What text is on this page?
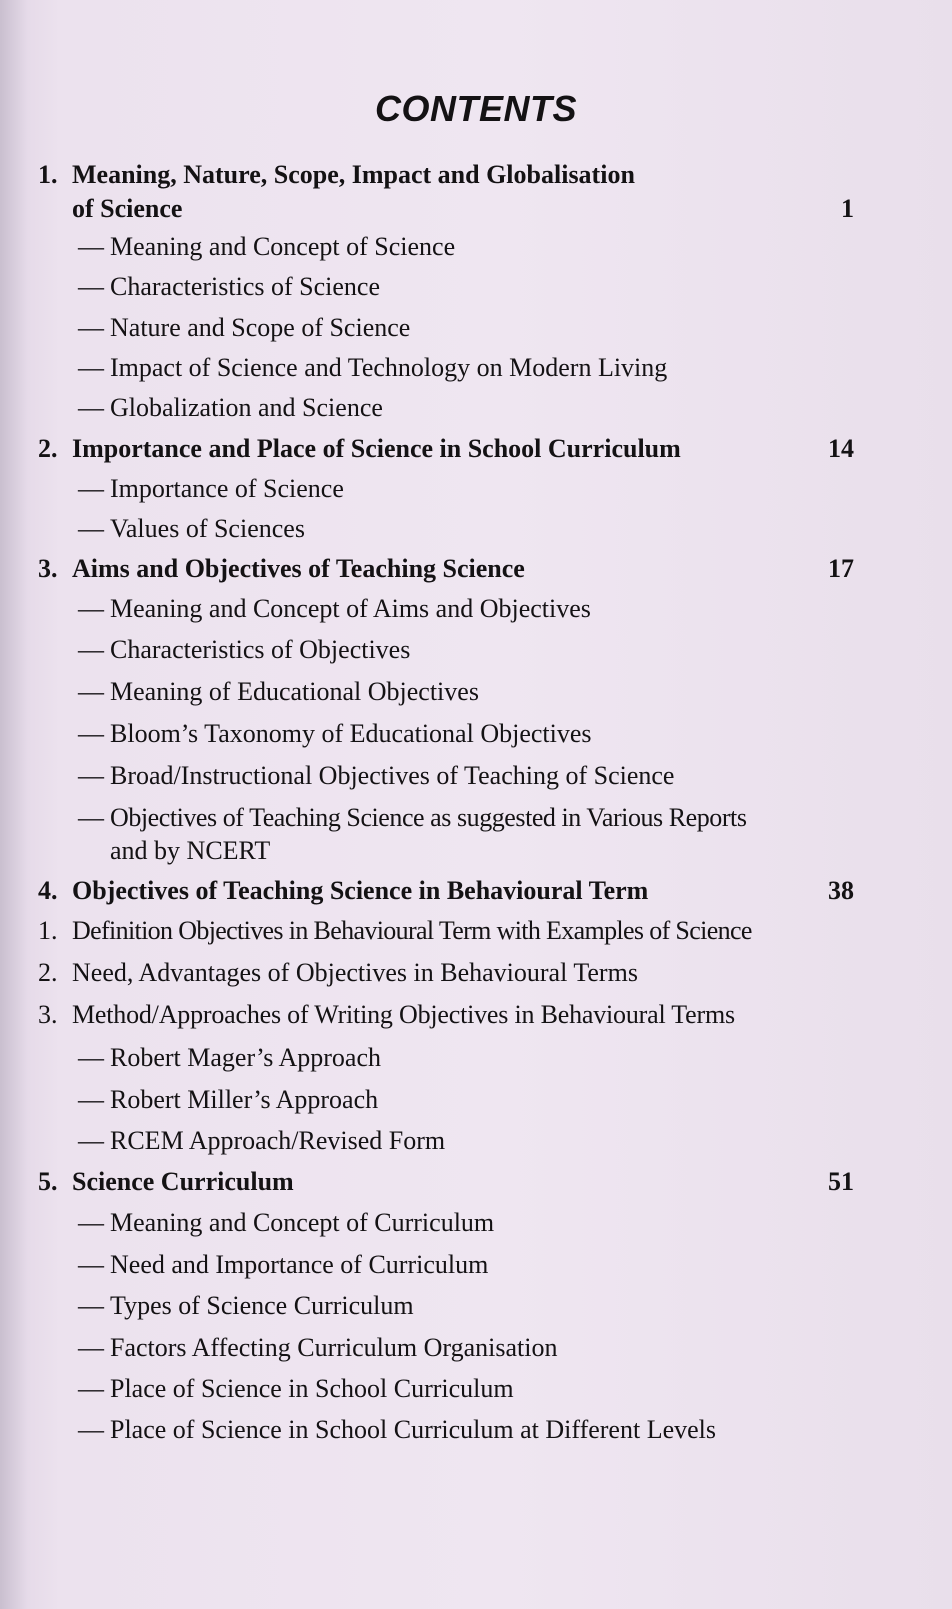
CONTENTS
1. Meaning, Nature, Scope, Impact and Globalisation
of Science	1
— Meaning and Concept of Science
— Characteristics of Science
— Nature and Scope of Science
— Impact of Science and Technology on Modern Living
— Globalization and Science
2. Importance and Place of Science in School Curriculum	14
— Importance of Science
— Values of Sciences
3. Aims and Objectives of Teaching Science	17
— Meaning and Concept of Aims and Objectives
— Characteristics of Objectives
— Meaning of Educational Objectives
— Bloom’s Taxonomy of Educational Objectives
— Broad/Instructional Objectives of Teaching of Science
— Objectives of Teaching Science as suggested in Various Reports
and by NCERT
4. Objectives of Teaching Science in Behavioural Term	38
1. Definition Objectives in Behavioural Term with Examples of Science
2. Need, Advantages of Objectives in Behavioural Terms
3. Method/Approaches of Writing Objectives in Behavioural Terms
— Robert Mager’s Approach
— Robert Miller’s Approach
— RCEM Approach/Revised Form
5. Science Curriculum	51
— Meaning and Concept of Curriculum
— Need and Importance of Curriculum
— Types of Science Curriculum
— Factors Affecting Curriculum Organisation
— Place of Science in School Curriculum
— Place of Science in School Curriculum at Different Levels
